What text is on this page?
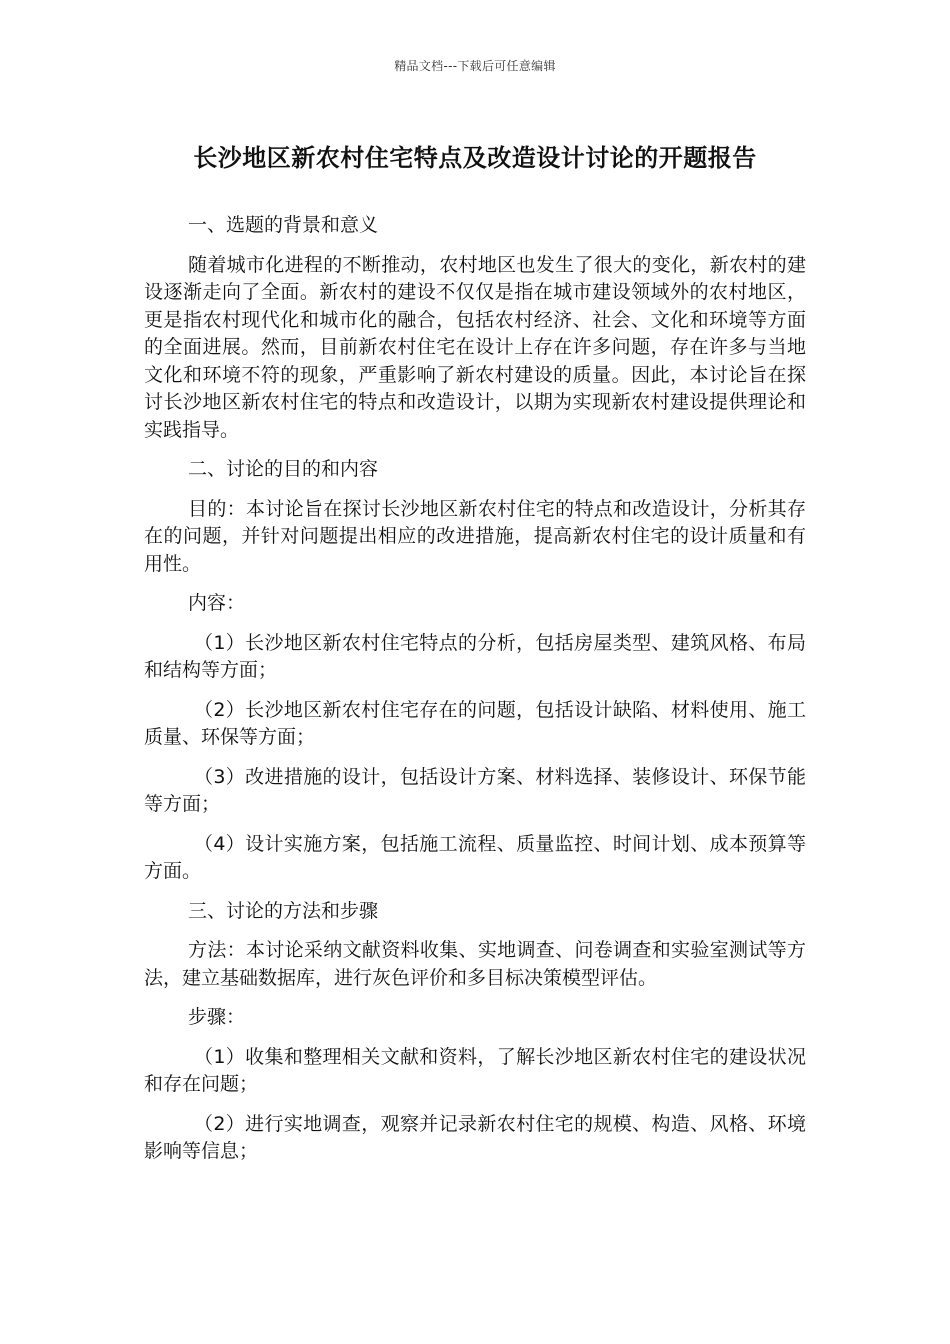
精品文档---下载后可任意编辑
长沙地区新农村住宅特点及改造设计讨论的开题报告

一、选题的背景和意义

随着城市化进程的不断推动，农村地区也发生了很大的变化，新农村的建设逐渐走向了全面。新农村的建设不仅仅是指在城市建设领域外的农村地区，更是指农村现代化和城市化的融合，包括农村经济、社会、文化和环境等方面的全面进展。然而，目前新农村住宅在设计上存在许多问题，存在许多与当地文化和环境不符的现象，严重影响了新农村建设的质量。因此，本讨论旨在探讨长沙地区新农村住宅的特点和改造设计，以期为实现新农村建设提供理论和实践指导。

二、讨论的目的和内容

目的：本讨论旨在探讨长沙地区新农村住宅的特点和改造设计，分析其存在的问题，并针对问题提出相应的改进措施，提高新农村住宅的设计质量和有用性。

内容：

（1）长沙地区新农村住宅特点的分析，包括房屋类型、建筑风格、布局和结构等方面；

（2）长沙地区新农村住宅存在的问题，包括设计缺陷、材料使用、施工质量、环保等方面；

（3）改进措施的设计，包括设计方案、材料选择、装修设计、环保节能等方面；

（4）设计实施方案，包括施工流程、质量监控、时间计划、成本预算等方面。

三、讨论的方法和步骤

方法：本讨论采纳文献资料收集、实地调查、问卷调查和实验室测试等方法，建立基础数据库，进行灰色评价和多目标决策模型评估。

步骤：

（1）收集和整理相关文献和资料，了解长沙地区新农村住宅的建设状况和存在问题；

（2）进行实地调查，观察并记录新农村住宅的规模、构造、风格、环境影响等信息；
